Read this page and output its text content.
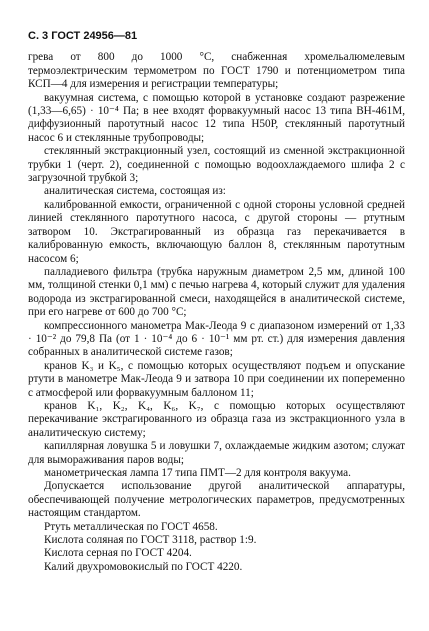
С. 3 ГОСТ 24956—81

грева от 800 до 1000 °С, снабженная хромельалюмелевым термоэлектрическим термометром по ГОСТ 1790 и потенциометром типа КСП—4 для измерения и регистрации температуры;

вакуумная система, с помощью которой в установке создают разрежение (1,33—6,65) · 10⁻⁴ Па; в нее входят форвакуумный насос 13 типа ВН-461М, диффузионный паротутный насос 12 типа Н50Р, стеклянный паротутный насос 6 и стеклянные трубопроводы;

стеклянный экстракционный узел, состоящий из сменной экстракционной трубки 1 (черт. 2), соединенной с помощью водоохлаждаемого шлифа 2 с загрузочной трубкой 3;

аналитическая система, состоящая из:

калиброванной емкости, ограниченной с одной стороны условной средней линией стеклянного паротутного насоса, с другой стороны — ртутным затвором 10. Экстрагированный из образца газ перекачивается в калиброванную емкость, включающую баллон 8, стеклянным паротутным насосом 6;

палладиевого фильтра (трубка наружным диаметром 2,5 мм, длиной 100 мм, толщиной стенки 0,1 мм) с печью нагрева 4, который служит для удаления водорода из экстрагированной смеси, находящейся в аналитической системе, при его нагреве от 600 до 700 °С;

компрессионного манометра Мак-Леода 9 с диапазоном измерений от 1,33 · 10⁻² до 79,8 Па (от 1 · 10⁻⁴ до 6 · 10⁻¹ мм рт. ст.) для измерения давления собранных в аналитической системе газов;

кранов K₃ и K₅, с помощью которых осуществляют подъем и опускание ртути в манометре Мак-Леода 9 и затвора 10 при соединении их попеременно с атмосферой или форвакуумным баллоном 11;

кранов K₁, K₂, K₄, K₆, K₇, с помощью которых осуществляют перекачивание экстрагированного из образца газа из экстракционного узла в аналитическую систему;

капиллярная ловушка 5 и ловушки 7, охлаждаемые жидким азотом; служат для вымораживания паров воды;

манометрическая лампа 17 типа ПМТ—2 для контроля вакуума.

Допускается использование другой аналитической аппаратуры, обеспечивающей получение метрологических параметров, предусмотренных настоящим стандартом.

Ртуть металлическая по ГОСТ 4658.

Кислота соляная по ГОСТ 3118, раствор 1:9.

Кислота серная по ГОСТ 4204.

Калий двухромовокислый по ГОСТ 4220.
